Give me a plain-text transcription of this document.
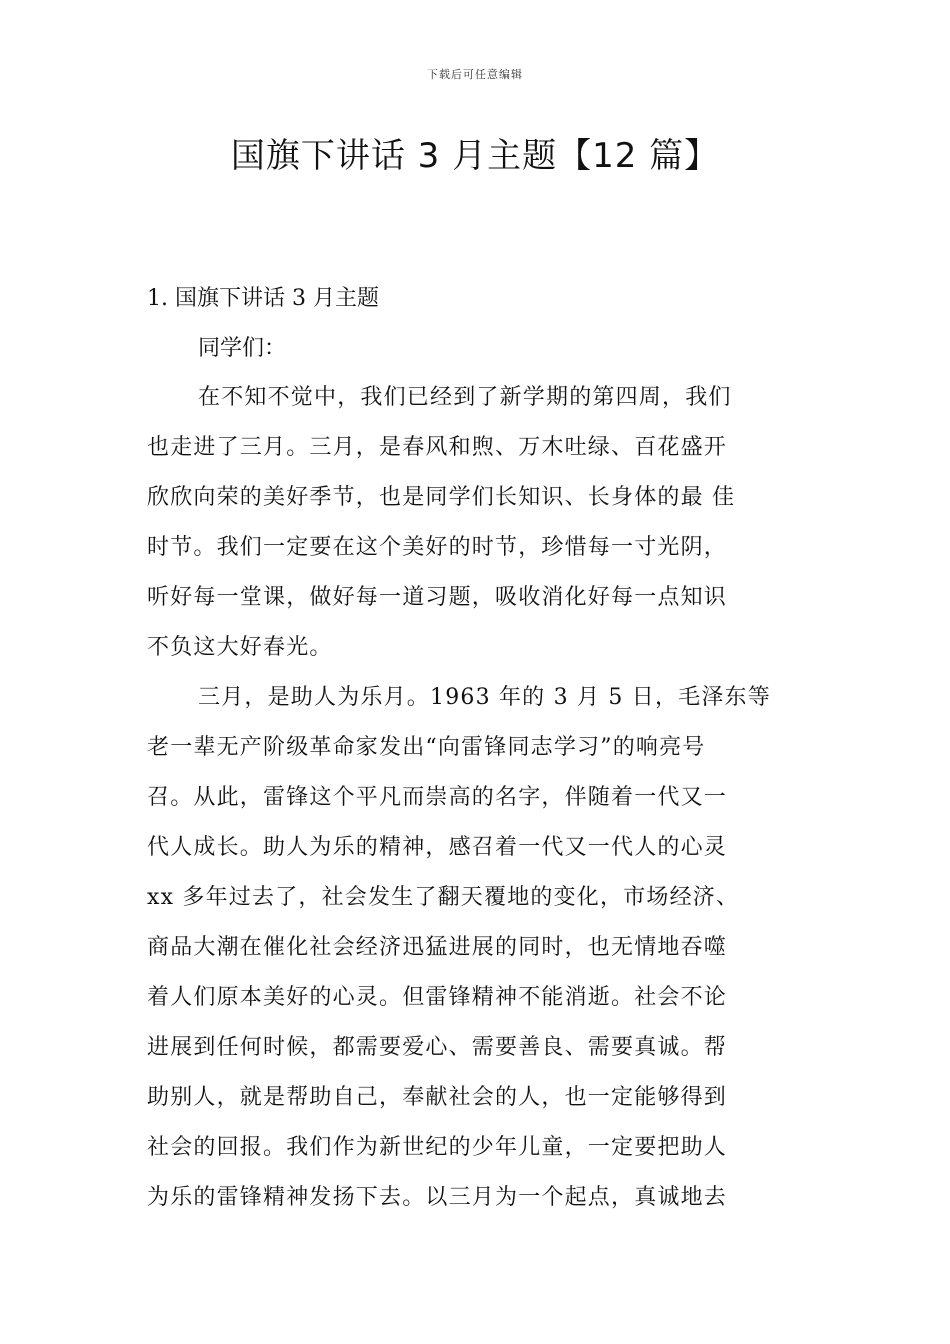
下载后可任意编辑
国旗下讲话 3 月主题【12 篇】
1. 国旗下讲话 3 月主题
同学们：
在不知不觉中，我们已经到了新学期的第四周，我们
也走进了三月。三月，是春风和煦、万木吐绿、百花盛开
欣欣向荣的美好季节，也是同学们长知识、长身体的最 佳
时节。我们一定要在这个美好的时节，珍惜每一寸光阴，
听好每一堂课，做好每一道习题，吸收消化好每一点知识
不负这大好春光。
三月，是助人为乐月。1963 年的 3 月 5 日，毛泽东等
老一辈无产阶级革命家发出“向雷锋同志学习”的响亮号
召。从此，雷锋这个平凡而崇高的名字，伴随着一代又一
代人成长。助人为乐的精神，感召着一代又一代人的心灵
xx 多年过去了，社会发生了翻天覆地的变化，市场经济、
商品大潮在催化社会经济迅猛进展的同时，也无情地吞噬
着人们原本美好的心灵。但雷锋精神不能消逝。社会不论
进展到任何时候，都需要爱心、需要善良、需要真诚。帮
助别人，就是帮助自己，奉献社会的人，也一定能够得到
社会的回报。我们作为新世纪的少年儿童，一定要把助人
为乐的雷锋精神发扬下去。以三月为一个起点，真诚地去
